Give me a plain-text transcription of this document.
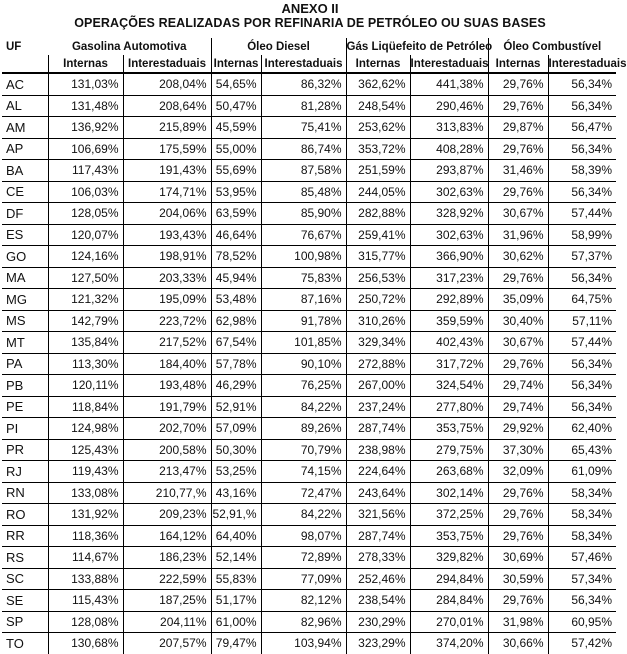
ANEXO II
OPERAÇÕES REALIZADAS POR REFINARIA DE PETRÓLEO OU SUAS BASES
UF	Gasolina Automotiva		Óleo Diesel		Gás Liqüefeito de Petróleo		Óleo Combustível	
	Internas	Interestaduais	Internas	Interestaduais	Internas	Interestaduais	Internas	Interestaduais
AC	131,03%	208,04%	54,65%	86,32%	362,62%	441,38%	29,76%	56,34%
AL	131,48%	208,64%	50,47%	81,28%	248,54%	290,46%	29,76%	56,34%
AM	136,92%	215,89%	45,59%	75,41%	253,62%	313,83%	29,87%	56,47%
AP	106,69%	175,59%	55,00%	86,74%	353,72%	408,28%	29,76%	56,34%
BA	117,43%	191,43%	55,69%	87,58%	251,59%	293,87%	31,46%	58,39%
CE	106,03%	174,71%	53,95%	85,48%	244,05%	302,63%	29,76%	56,34%
DF	128,05%	204,06%	63,59%	85,90%	282,88%	328,92%	30,67%	57,44%
ES	120,07%	193,43%	46,64%	76,67%	259,41%	302,63%	31,96%	58,99%
GO	124,16%	198,91%	78,52%	100,98%	315,77%	366,90%	30,62%	57,37%
MA	127,50%	203,33%	45,94%	75,83%	256,53%	317,23%	29,76%	56,34%
MG	121,32%	195,09%	53,48%	87,16%	250,72%	292,89%	35,09%	64,75%
MS	142,79%	223,72%	62,98%	91,78%	310,26%	359,59%	30,40%	57,11%
MT	135,84%	217,52%	67,54%	101,85%	329,34%	402,43%	30,67%	57,44%
PA	113,30%	184,40%	57,78%	90,10%	272,88%	317,72%	29,76%	56,34%
PB	120,11%	193,48%	46,29%	76,25%	267,00%	324,54%	29,74%	56,34%
PE	118,84%	191,79%	52,91%	84,22%	237,24%	277,80%	29,74%	56,34%
PI	124,98%	202,70%	57,09%	89,26%	287,74%	353,75%	29,92%	62,40%
PR	125,43%	200,58%	50,30%	70,79%	238,98%	279,75%	37,30%	65,43%
RJ	119,43%	213,47%	53,25%	74,15%	224,64%	263,68%	32,09%	61,09%
RN	133,08%	210,77,%	43,16%	72,47%	243,64%	302,14%	29,76%	58,34%
RO	131,92%	209,23%	52,91,%	84,22%	321,56%	372,25%	29,76%	58,34%
RR	118,36%	164,12%	64,40%	98,07%	287,74%	353,75%	29,76%	58,34%
RS	114,67%	186,23%	52,14%	72,89%	278,33%	329,82%	30,69%	57,46%
SC	133,88%	222,59%	55,83%	77,09%	252,46%	294,84%	30,59%	57,34%
SE	115,43%	187,25%	51,17%	82,12%	238,54%	284,84%	29,76%	56,34%
SP	128,08%	204,11%	61,00%	82,96%	230,29%	270,01%	31,98%	60,95%
TO	130,68%	207,57%	79,47%	103,94%	323,29%	374,20%	30,66%	57,42%
